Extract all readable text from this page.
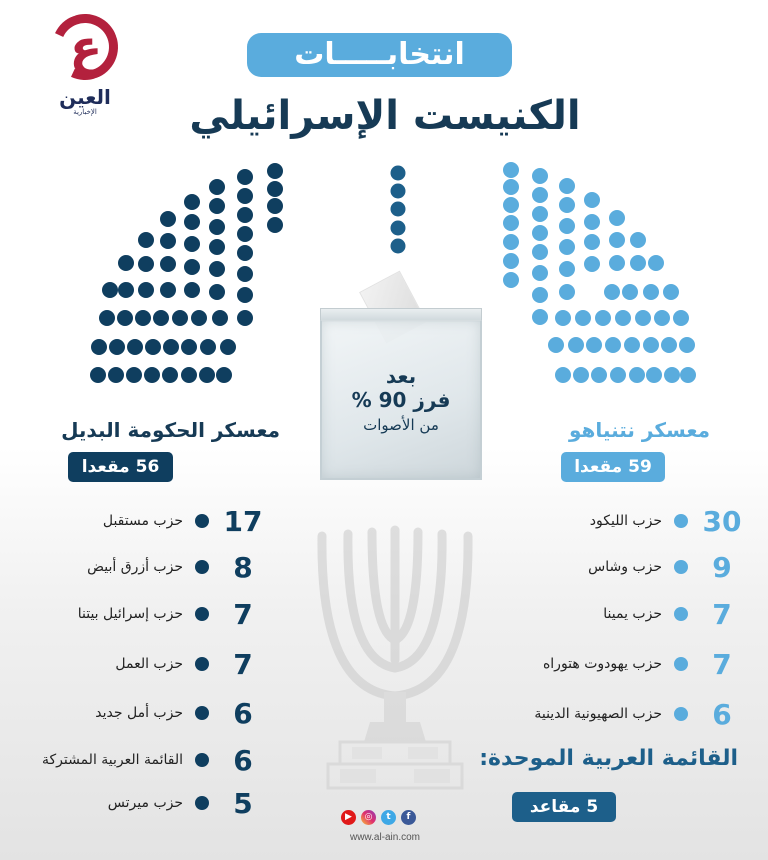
ع
العين
الإخبارية
انتخابـــــات
الكنيست الإسرائيلي
بعد
فرز 90 %
من الأصوات
معسكر الحكومة البديل
56 مقعدا
معسكر نتنياهو
59 مقعدا
17
حزب مستقبل
8
حزب أزرق أبيض
7
حزب إسرائيل بيتنا
7
حزب العمل
6
حزب أمل جديد
6
القائمة العربية المشتركة
5
حزب ميرتس
30
حزب الليكود
9
حزب وشاس
7
حزب يمينا
7
حزب يهودوت هتوراه
6
حزب الصهيونية الدينية
القائمة العربية الموحدة:
5 مقاعد
▶	◎	t	f
www.al-ain.com
